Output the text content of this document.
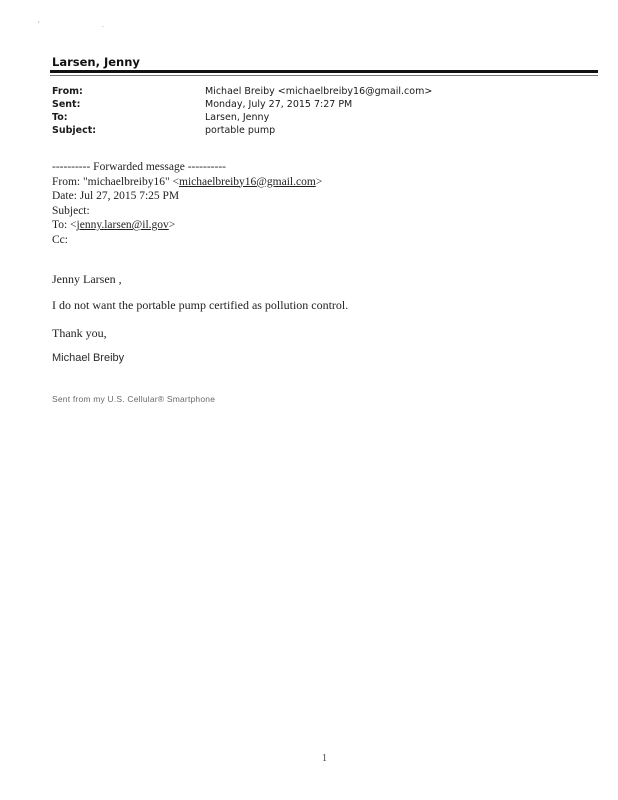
' .
Larsen, Jenny
From:	Michael Breiby <michaelbreiby16@gmail.com>
Sent:	Monday, July 27, 2015 7:27 PM
To:	Larsen, Jenny
Subject:	portable pump
---------- Forwarded message ----------
From: "michaelbreiby16" <michaelbreiby16@gmail.com>
Date: Jul 27, 2015 7:25 PM
Subject:
To: <jenny.larsen@il.gov>
Cc:
Jenny Larsen ,
I do not want the portable pump certified as pollution control.
Thank you,
Michael Breiby
Sent from my U.S. Cellular® Smartphone
1
